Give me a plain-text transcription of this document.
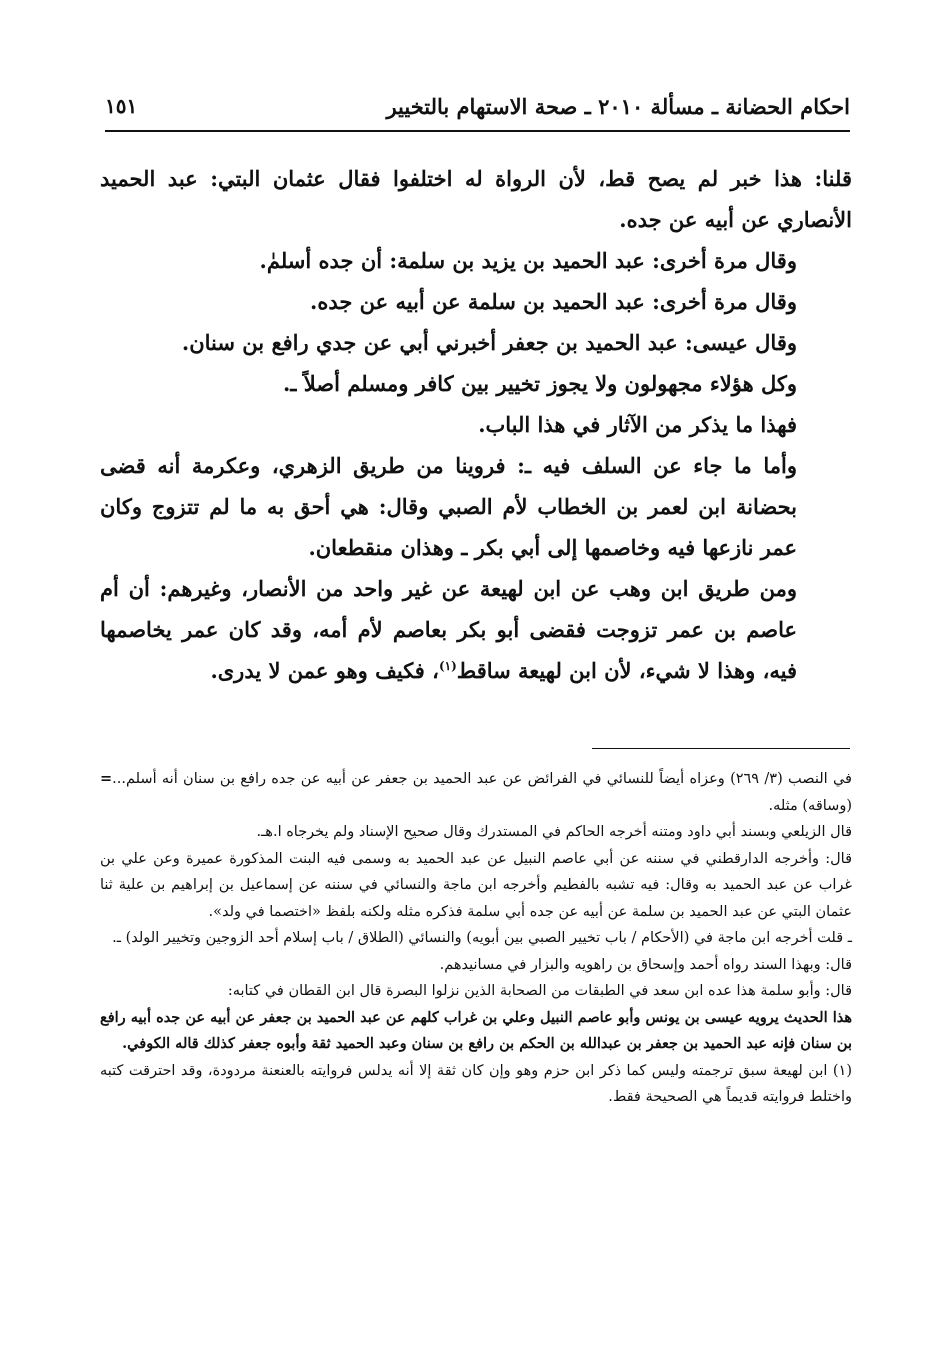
احكام الحضانة ـ مسألة ٢٠١٠ ـ صحة الاستهام بالتخيير
١٥١

قلنا: هذا خبر لم يصح قط، لأن الرواة له اختلفوا فقال عثمان البتي: عبد الحميد الأنصاري عن أبيه عن جده.

وقال مرة أخرى: عبد الحميد بن يزيد بن سلمة: أن جده أسلمٰ.

وقال مرة أخرى: عبد الحميد بن سلمة عن أبيه عن جده.

وقال عيسى: عبد الحميد بن جعفر أخبرني أبي عن جدي رافع بن سنان.

وكل هؤلاء مجهولون ولا يجوز تخيير بين كافر ومسلم أصلاً ـ.

فهذا ما يذكر من الآثار في هذا الباب.

وأما ما جاء عن السلف فيه ـ: فروينا من طريق الزهري، وعكرمة أنه قضى بحضانة ابن لعمر بن الخطاب لأم الصبي وقال: هي أحق به ما لم تتزوج وكان عمر نازعها فيه وخاصمها إلى أبي بكر ـ وهذان منقطعان.

ومن طريق ابن وهب عن ابن لهيعة عن غير واحد من الأنصار، وغيرهم: أن أم عاصم بن عمر تزوجت فقضى أبو بكر بعاصم لأم أمه، وقد كان عمر يخاصمها فيه، وهذا لا شيء، لأن ابن لهيعة ساقط$^{(١)}$، فكيف وهو عمن لا يدرى.

= في النصب (٣/ ٢٦٩) وعزاه أيضاً للنسائي في الفرائض عن عبد الحميد بن جعفر عن أبيه عن جده رافع بن سنان أنه أسلم... (وساقه) مثله.

قال الزيلعي وبسند أبي داود ومتنه أخرجه الحاكم في المستدرك وقال صحيح الإسناد ولم يخرجاه ا.هـ.

قال: وأخرجه الدارقطني في سننه عن أبي عاصم النبيل عن عبد الحميد به وسمى فيه البنت المذكورة عميرة وعن علي بن غراب عن عبد الحميد به وقال: فيه تشبه بالفطيم وأخرجه ابن ماجة والنسائي في سننه عن إسماعيل بن إبراهيم بن علية ثنا عثمان البتي عن عبد الحميد بن سلمة عن أبيه عن جده أبي سلمة فذكره مثله ولكنه بلفظ «اختصما في ولد».

ـ قلت أخرجه ابن ماجة في (الأحكام / باب تخيير الصبي بين أبويه) والنسائي (الطلاق / باب إسلام أحد الزوجين وتخيير الولد) ـ.

قال: وبهذا السند رواه أحمد وإسحاق بن راهويه والبزار في مسانيدهم.

قال: وأبو سلمة هذا عده ابن سعد في الطبقات من الصحابة الذين نزلوا البصرة قال ابن القطان في كتابه:

هذا الحديث يرويه عيسى بن يونس وأبو عاصم النبيل وعلي بن غراب كلهم عن عبد الحميد بن جعفر عن أبيه عن جده أبيه رافع بن سنان فإنه عبد الحميد بن جعفر بن عبدالله بن الحكم بن رافع بن سنان وعبد الحميد ثقة وأبوه جعفر كذلك قاله الكوفي.

(١) ابن لهيعة سبق ترجمته وليس كما ذكر ابن حزم وهو وإن كان ثقة إلا أنه يدلس فروايته بالعنعنة مردودة، وقد احترقت كتبه واختلط فروايته قديماً هي الصحيحة فقط.
